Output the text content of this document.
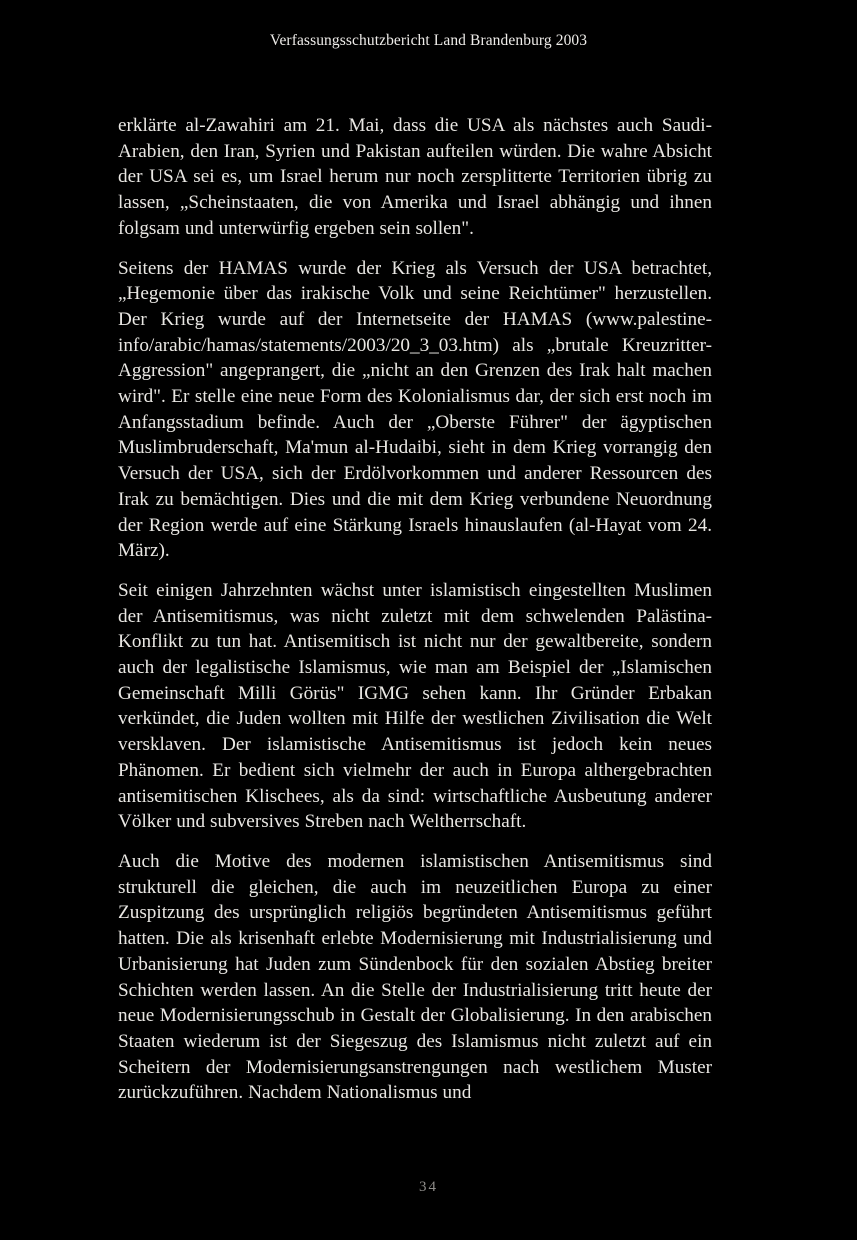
Verfassungsschutzbericht Land Brandenburg 2003

erklärte al-Zawahiri am 21. Mai, dass die USA als nächstes auch Saudi-Arabien, den Iran, Syrien und Pakistan aufteilen würden. Die wahre Absicht der USA sei es, um Israel herum nur noch zersplitterte Territorien übrig zu lassen, „Scheinstaaten, die von Amerika und Israel abhängig und ihnen folgsam und unterwürfig ergeben sein sollen".

Seitens der HAMAS wurde der Krieg als Versuch der USA betrachtet, „Hegemonie über das irakische Volk und seine Reichtümer" herzustellen. Der Krieg wurde auf der Internetseite der HAMAS (www.palestine-info/arabic/hamas/statements/2003/20_3_03.htm) als „brutale Kreuzritter-Aggression" angeprangert, die „nicht an den Grenzen des Irak halt machen wird". Er stelle eine neue Form des Kolonialismus dar, der sich erst noch im Anfangsstadium befinde. Auch der „Oberste Führer" der ägyptischen Muslimbruderschaft, Ma'mun al-Hudaibi, sieht in dem Krieg vorrangig den Versuch der USA, sich der Erdölvorkommen und anderer Ressourcen des Irak zu bemächtigen. Dies und die mit dem Krieg verbundene Neuordnung der Region werde auf eine Stärkung Israels hinauslaufen (al-Hayat vom 24. März).

Seit einigen Jahrzehnten wächst unter islamistisch eingestellten Muslimen der Antisemitismus, was nicht zuletzt mit dem schwelenden Palästina-Konflikt zu tun hat. Antisemitisch ist nicht nur der gewaltbereite, sondern auch der legalistische Islamismus, wie man am Beispiel der „Islamischen Gemeinschaft Milli Görüs" IGMG sehen kann. Ihr Gründer Erbakan verkündet, die Juden wollten mit Hilfe der westlichen Zivilisation die Welt versklaven. Der islamistische Antisemitismus ist jedoch kein neues Phänomen. Er bedient sich vielmehr der auch in Europa althergebrachten antisemitischen Klischees, als da sind: wirtschaftliche Ausbeutung anderer Völker und subversives Streben nach Weltherrschaft.

Auch die Motive des modernen islamistischen Antisemitismus sind strukturell die gleichen, die auch im neuzeitlichen Europa zu einer Zuspitzung des ursprünglich religiös begründeten Antisemitismus geführt hatten. Die als krisenhaft erlebte Modernisierung mit Industrialisierung und Urbanisierung hat Juden zum Sündenbock für den sozialen Abstieg breiter Schichten werden lassen. An die Stelle der Industrialisierung tritt heute der neue Modernisierungsschub in Gestalt der Globalisierung. In den arabischen Staaten wiederum ist der Siegeszug des Islamismus nicht zuletzt auf ein Scheitern der Modernisierungsanstrengungen nach westlichem Muster zurückzuführen. Nachdem Nationalismus und

34
